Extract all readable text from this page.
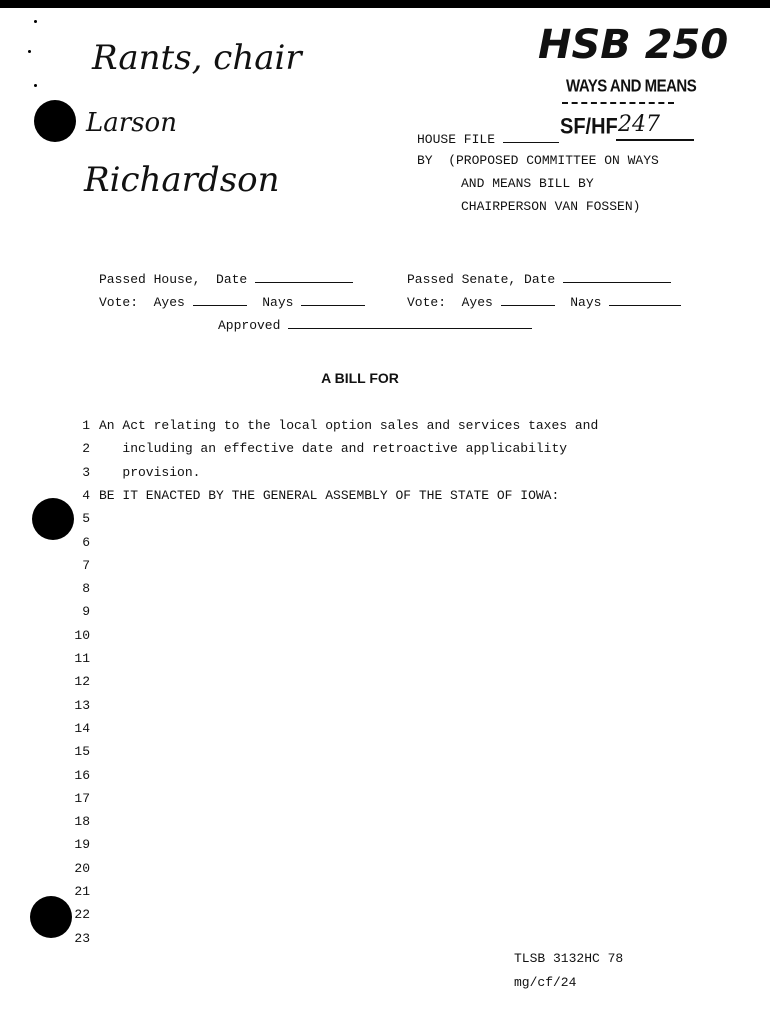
Rants, chair
Larson
Richardson
HSB 250
WAYS AND MEANS
SF/HF 247
HOUSE FILE
BY  (PROPOSED COMMITTEE ON WAYS
AND MEANS BILL BY
CHAIRPERSON VAN FOSSEN)
Passed House,  Date
Vote:  Ayes	Nays
Passed Senate, Date
Vote:  Ayes	Nays
Approved
A BILL FOR
1 An Act relating to the local option sales and services taxes and
2 including an effective date and retroactive applicability
3 provision.
4 BE IT ENACTED BY THE GENERAL ASSEMBLY OF THE STATE OF IOWA:
5
6
7
8
9
10
11
12
13
14
15
16
17
18
19
20
21
22
23
TLSB 3132HC 78
mg/cf/24
